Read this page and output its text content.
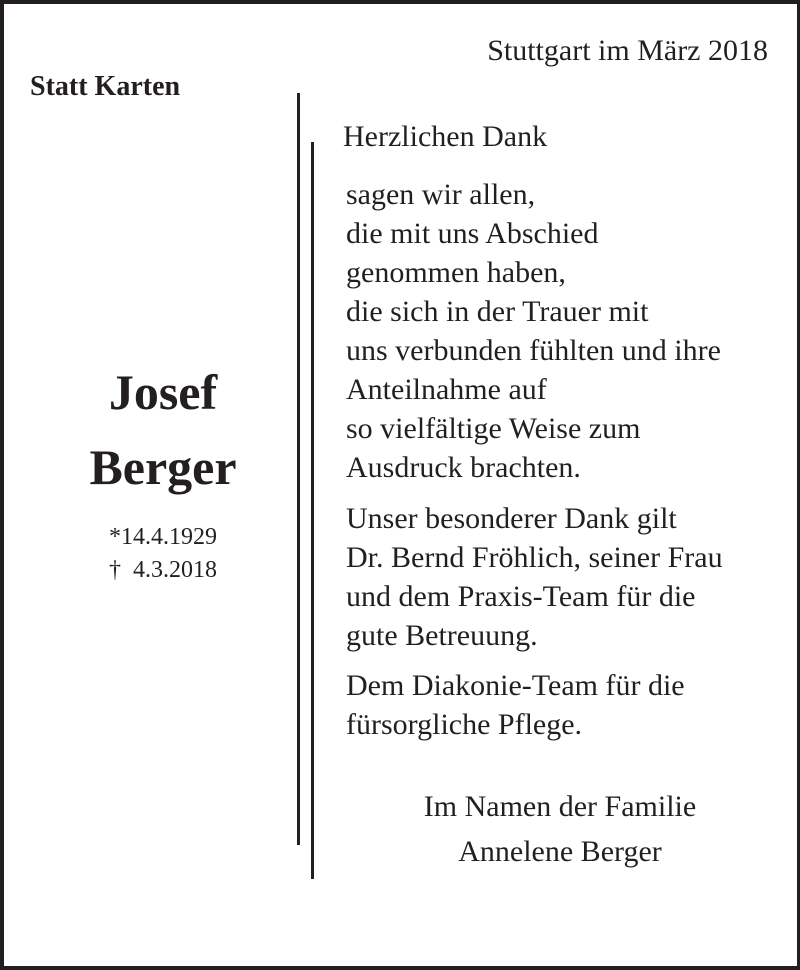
Stuttgart im März 2018
Statt Karten
Josef
Berger
*14.4.1929
†  4.3.2018
Herzlichen Dank
sagen wir allen,
die mit uns Abschied
genommen haben,
die sich in der Trauer mit
uns verbunden fühlten und ihre
Anteilnahme auf
so vielfältige Weise zum
Ausdruck brachten.
Unser besonderer Dank gilt
Dr. Bernd Fröhlich, seiner Frau
und dem Praxis-Team für die
gute Betreuung.
Dem Diakonie-Team für die
fürsorgliche Pflege.
Im Namen der Familie
Annelene Berger
